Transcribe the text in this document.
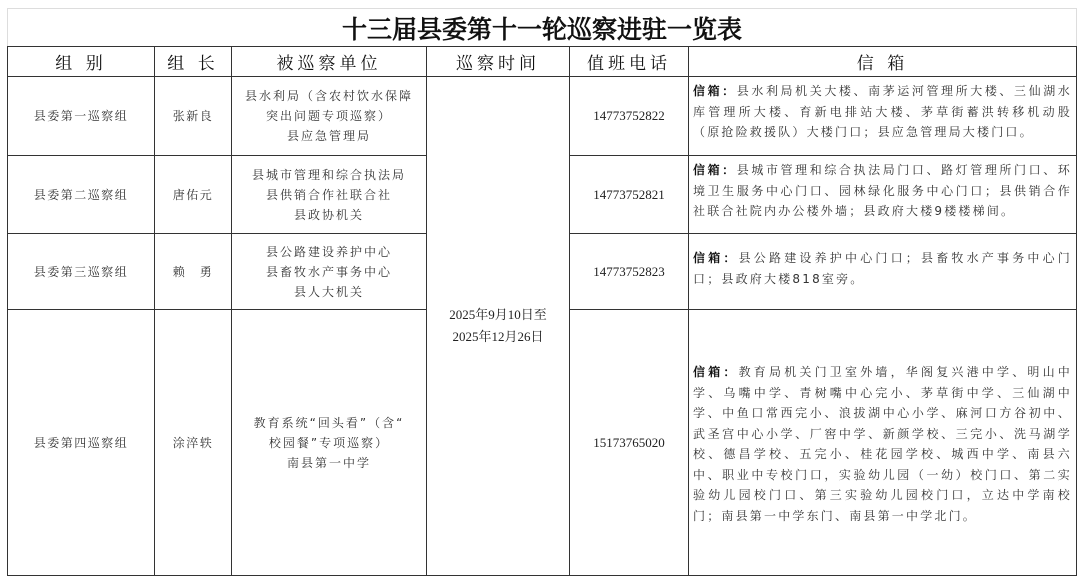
十三届县委第十一轮巡察进驻一览表
组 别	组 长	被巡察单位	巡察时间	值班电话	信 箱
县委第一巡察组	张新良	县水利局（含农村饮水保障
突出问题专项巡察）
县应急管理局	2025年9月10日至
2025年12月26日	14773752822	信箱：县水利局机关大楼、南茅运河管理所大楼、三仙湖水库管理所大楼、育新电排站大楼、茅草街蓄洪转移机动股（原抢险救援队）大楼门口；县应急管理局大楼门口。
县委第二巡察组	唐佑元	县城市管理和综合执法局
县供销合作社联合社
县政协机关		14773752821	信箱：县城市管理和综合执法局门口、路灯管理所门口、环境卫生服务中心门口、园林绿化服务中心门口；县供销合作社联合社院内办公楼外墙；县政府大楼9楼楼梯间。
县委第三巡察组	赖　勇	县公路建设养护中心
县畜牧水产事务中心
县人大机关		14773752823	信箱：县公路建设养护中心门口；县畜牧水产事务中心门口；县政府大楼818室旁。
县委第四巡察组	涂淬轶	教育系统“回头看”（含“
校园餐”专项巡察）
南县第一中学		15173765020	信箱：教育局机关门卫室外墙，华阁复兴港中学、明山中学、乌嘴中学、青树嘴中心完小、茅草街中学、三仙湖中学、中鱼口常西完小、浪拔湖中心小学、麻河口方谷初中、武圣宫中心小学、厂窖中学、新颜学校、三完小、洗马湖学校、德昌学校、五完小、桂花园学校、城西中学、南县六中、职业中专校门口，实验幼儿园（一幼）校门口、第二实验幼儿园校门口、第三实验幼儿园校门口，立达中学南校门；南县第一中学东门、南县第一中学北门。
